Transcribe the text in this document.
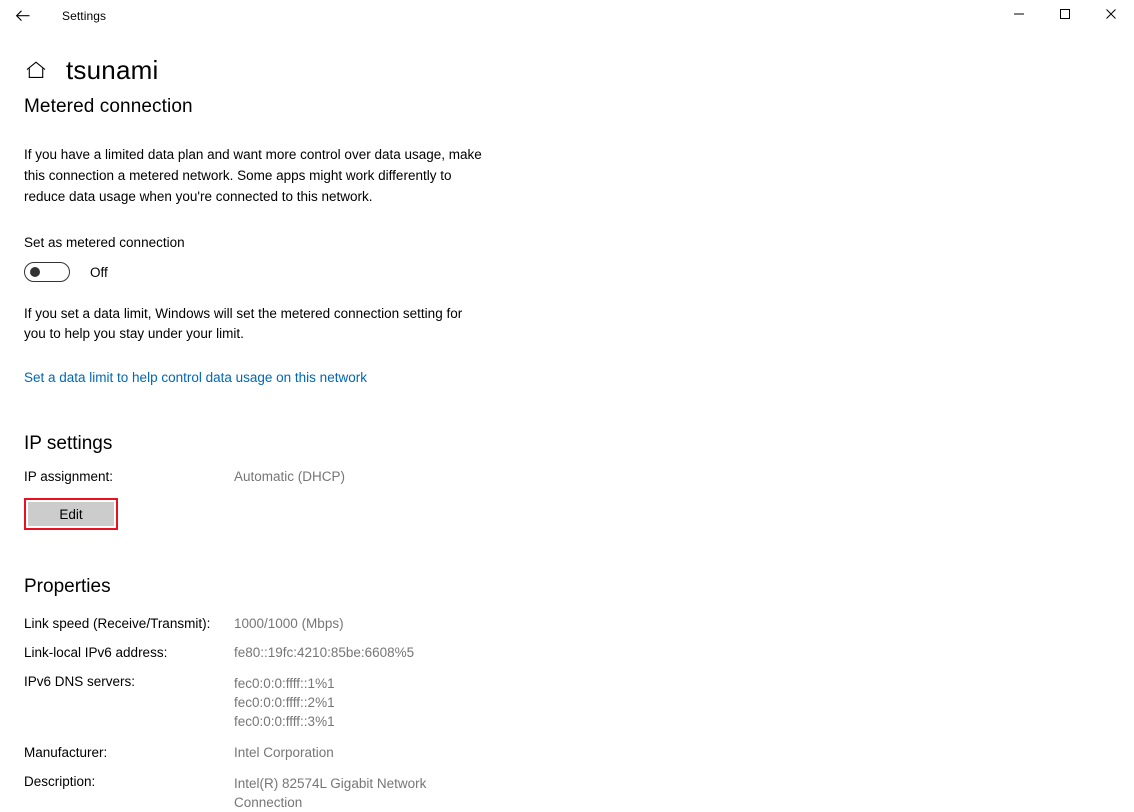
Settings
tsunami
Metered connection
If you have a limited data plan and want more control over data usage, make this connection a metered network. Some apps might work differently to reduce data usage when you're connected to this network.
Set as metered connection
Off
If you set a data limit, Windows will set the metered connection setting for you to help you stay under your limit.
Set a data limit to help control data usage on this network
IP settings
IP assignment:	Automatic (DHCP)
Edit
Properties
Link speed (Receive/Transmit):	1000/1000 (Mbps)
Link-local IPv6 address:	fe80::19fc:4210:85be:6608%5
IPv6 DNS servers:	fec0:0:0:ffff::1%1
fec0:0:0:ffff::2%1
fec0:0:0:ffff::3%1
Manufacturer:	Intel Corporation
Description:	Intel(R) 82574L Gigabit Network
Connection
